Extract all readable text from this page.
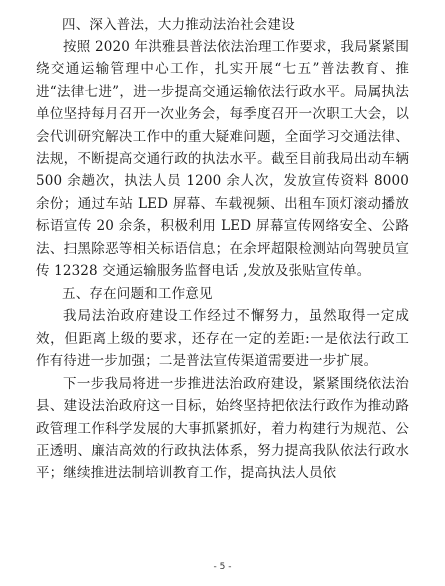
四、深入普法，大力推动法治社会建设

按照 2020 年洪雅县普法依法治理工作要求，我局紧紧围绕交通运输管理中心工作，扎实开展“七五”普法教育、推进“法律七进”，进一步提高交通运输依法行政水平。局属执法单位坚持每月召开一次业务会，每季度召开一次职工大会，以会代训研究解决工作中的重大疑难问题，全面学习交通法律、法规，不断提高交通行政的执法水平。截至目前我局出动车辆 500 余趟次，执法人员 1200 余人次，发放宣传资料 8000 余份；通过车站 LED 屏幕、车载视频、出租车顶灯滚动播放标语宣传 20 余条，积极利用 LED 屏幕宣传网络安全、公路法、扫黑除恶等相关标语信息；在余坪超限检测站向驾驶员宣传 12328 交通运输服务监督电话 ,发放及张贴宣传单。

五、存在问题和工作意见

我局法治政府建设工作经过不懈努力，虽然取得一定成效，但距离上级的要求，还存在一定的差距:一是依法行政工作有待进一步加强；二是普法宣传渠道需要进一步扩展。

下一步我局将进一步推进法治政府建设，紧紧围绕依法治县、建设法治政府这一目标，始终坚持把依法行政作为推动路政管理工作科学发展的大事抓紧抓好，着力构建行为规范、公正透明、廉洁高效的行政执法体系，努力提高我队依法行政水平；继续推进法制培训教育工作，提高执法人员依

- 5 -
